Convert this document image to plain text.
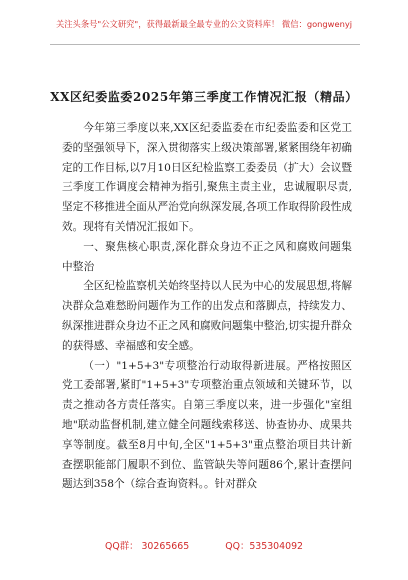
关注头条号"公文研究"，获得最新最全最专业的公文资料库！ 微信：gongwenyj
XX区纪委监委2025年第三季度工作情况汇报（精品）

今年第三季度以来,XX区纪委监委在市纪委监委和区党工委的坚强领导下，深入贯彻落实上级决策部署,紧紧围绕年初确定的工作目标,以7月10日区纪检监察工委委员（扩大）会议暨三季度工作调度会精神为指引,聚焦主责主业，忠诚履职尽责,坚定不移推进全面从严治党向纵深发展,各项工作取得阶段性成效。现将有关情况汇报如下。

一、聚焦核心职责,深化群众身边不正之风和腐败问题集中整治

全区纪检监察机关始终坚持以人民为中心的发展思想,将解决群众急难愁盼问题作为工作的出发点和落脚点，持续发力、纵深推进群众身边不正之风和腐败问题集中整治,切实提升群众的获得感、幸福感和安全感。

（一）"1+5+3"专项整治行动取得新进展。严格按照区党工委部署,紧盯"1+5+3"专项整治重点领域和关键环节，以责之推动各方责任落实。自第三季度以来，进一步强化"室组地"联动监督机制,建立健全问题线索移送、协查协办、成果共享等制度。截至8月中旬,全区"1+5+3"重点整治项目共计新查摆职能部门履职不到位、监管缺失等问题86个,累计查摆问题达到358个（综合查询资料。。针对群众

QQ群： 30265665	QQ：535304092
